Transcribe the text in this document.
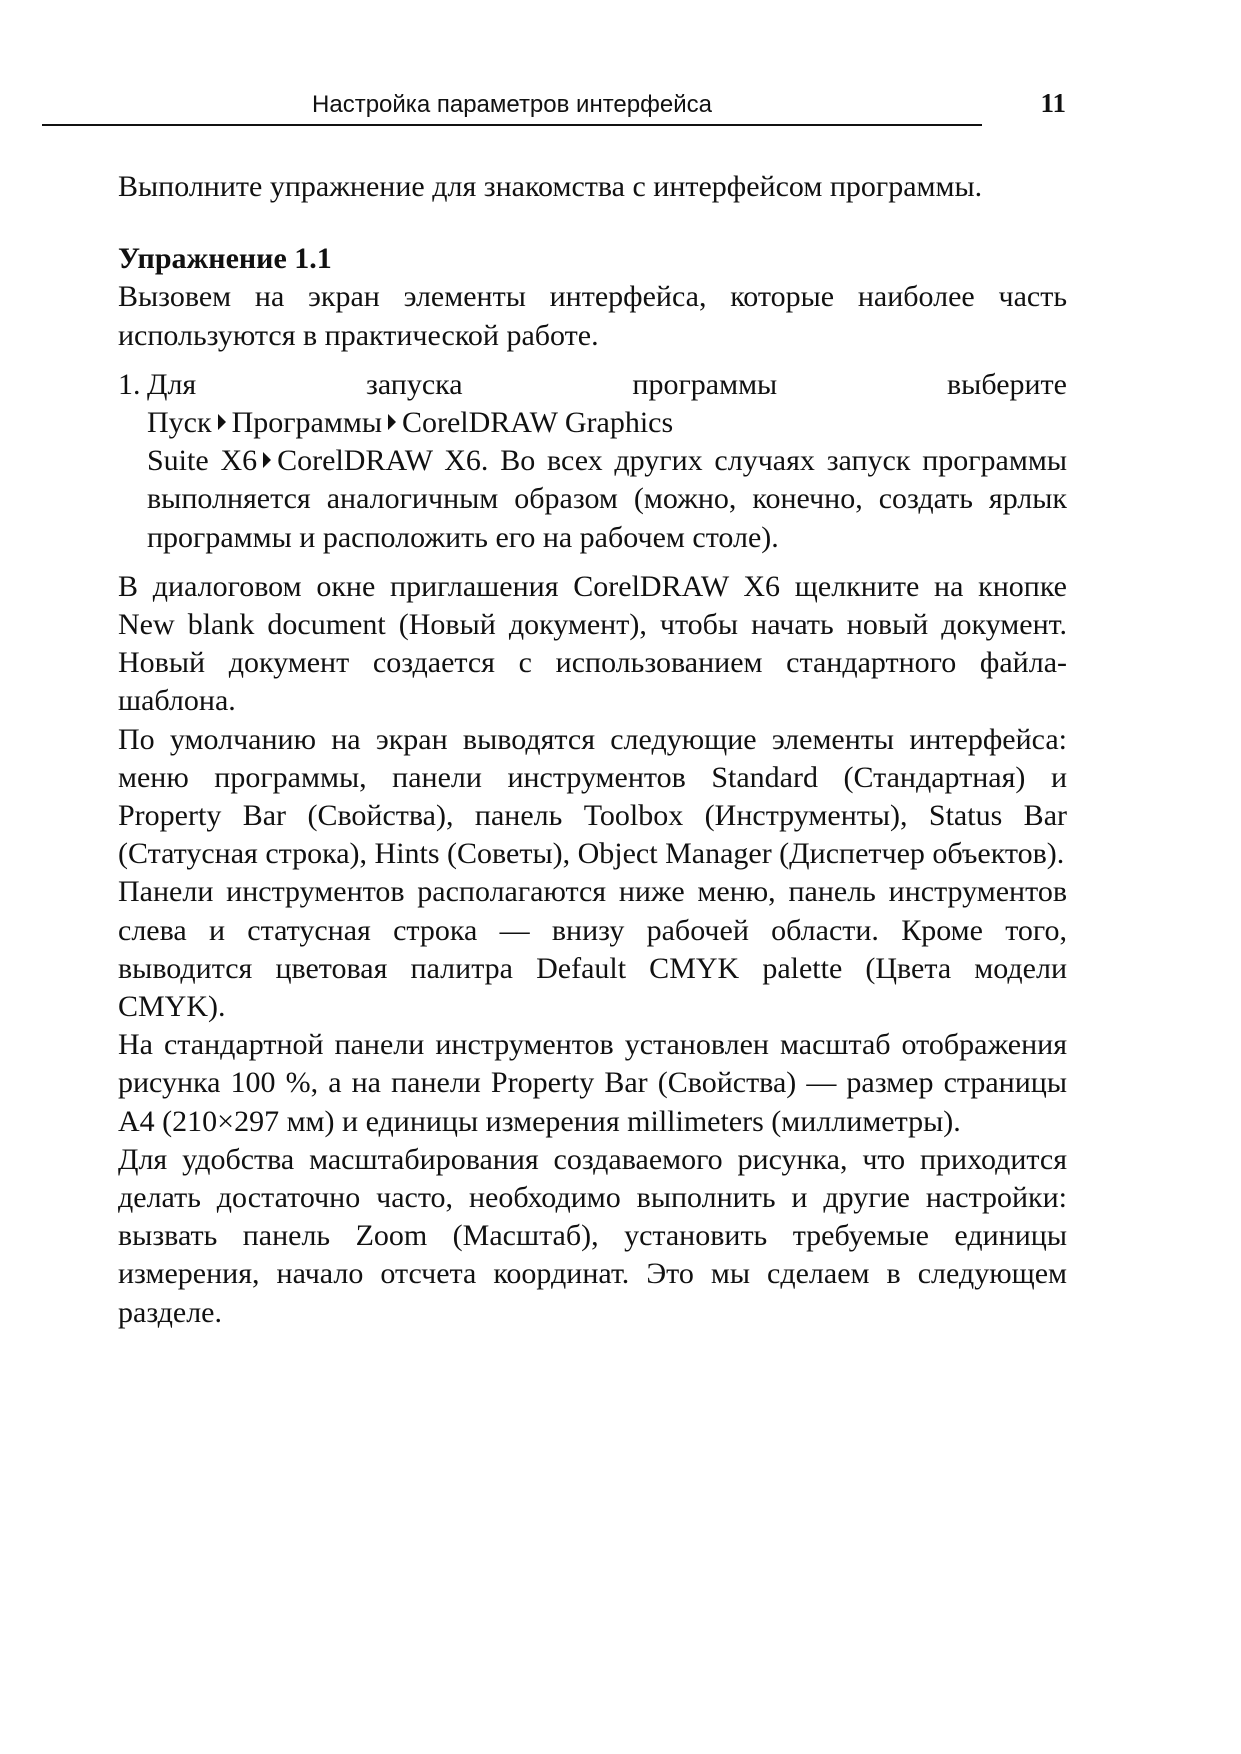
Настройка параметров интерфейса	11

Выполните упражнение для знакомства с интерфейсом программы.

Упражнение 1.1

Вызовем на экран элементы интерфейса, которые наиболее часть используются в практической работе.

1. Для запуска программы выберите
Пуск Программы CorelDRAW Graphics

Suite X6 CorelDRAW X6. Во всех других случаях запуск программы выполняется аналогичным образом (можно, конечно, создать ярлык программы и расположить его на рабочем столе).

В диалоговом окне приглашения CorelDRAW X6 щелкните на кнопке New blank document (Новый документ), чтобы начать новый документ. Новый документ создается с использованием стандартного файла-шаблона.

По умолчанию на экран выводятся следующие элементы интерфейса: меню программы, панели инструментов Standard (Стандартная) и Property Bar (Свойства), панель Toolbox (Инструменты), Status Bar (Статусная строка), Hints (Советы), Object Manager (Диспетчер объектов).

Панели инструментов располагаются ниже меню, панель инструментов слева и статусная строка — внизу рабочей области. Кроме того, выводится цветовая палитра Default CMYK palette (Цвета модели CMYK).

На стандартной панели инструментов установлен масштаб отображения рисунка 100 %, а на панели Property Bar (Свойства) — размер страницы A4 (210×297 мм) и единицы измерения millimeters (миллиметры).

Для удобства масштабирования создаваемого рисунка, что приходится делать достаточно часто, необходимо выполнить и другие настройки: вызвать панель Zoom (Масштаб), установить требуемые единицы измерения, начало отсчета координат. Это мы сделаем в следующем разделе.
